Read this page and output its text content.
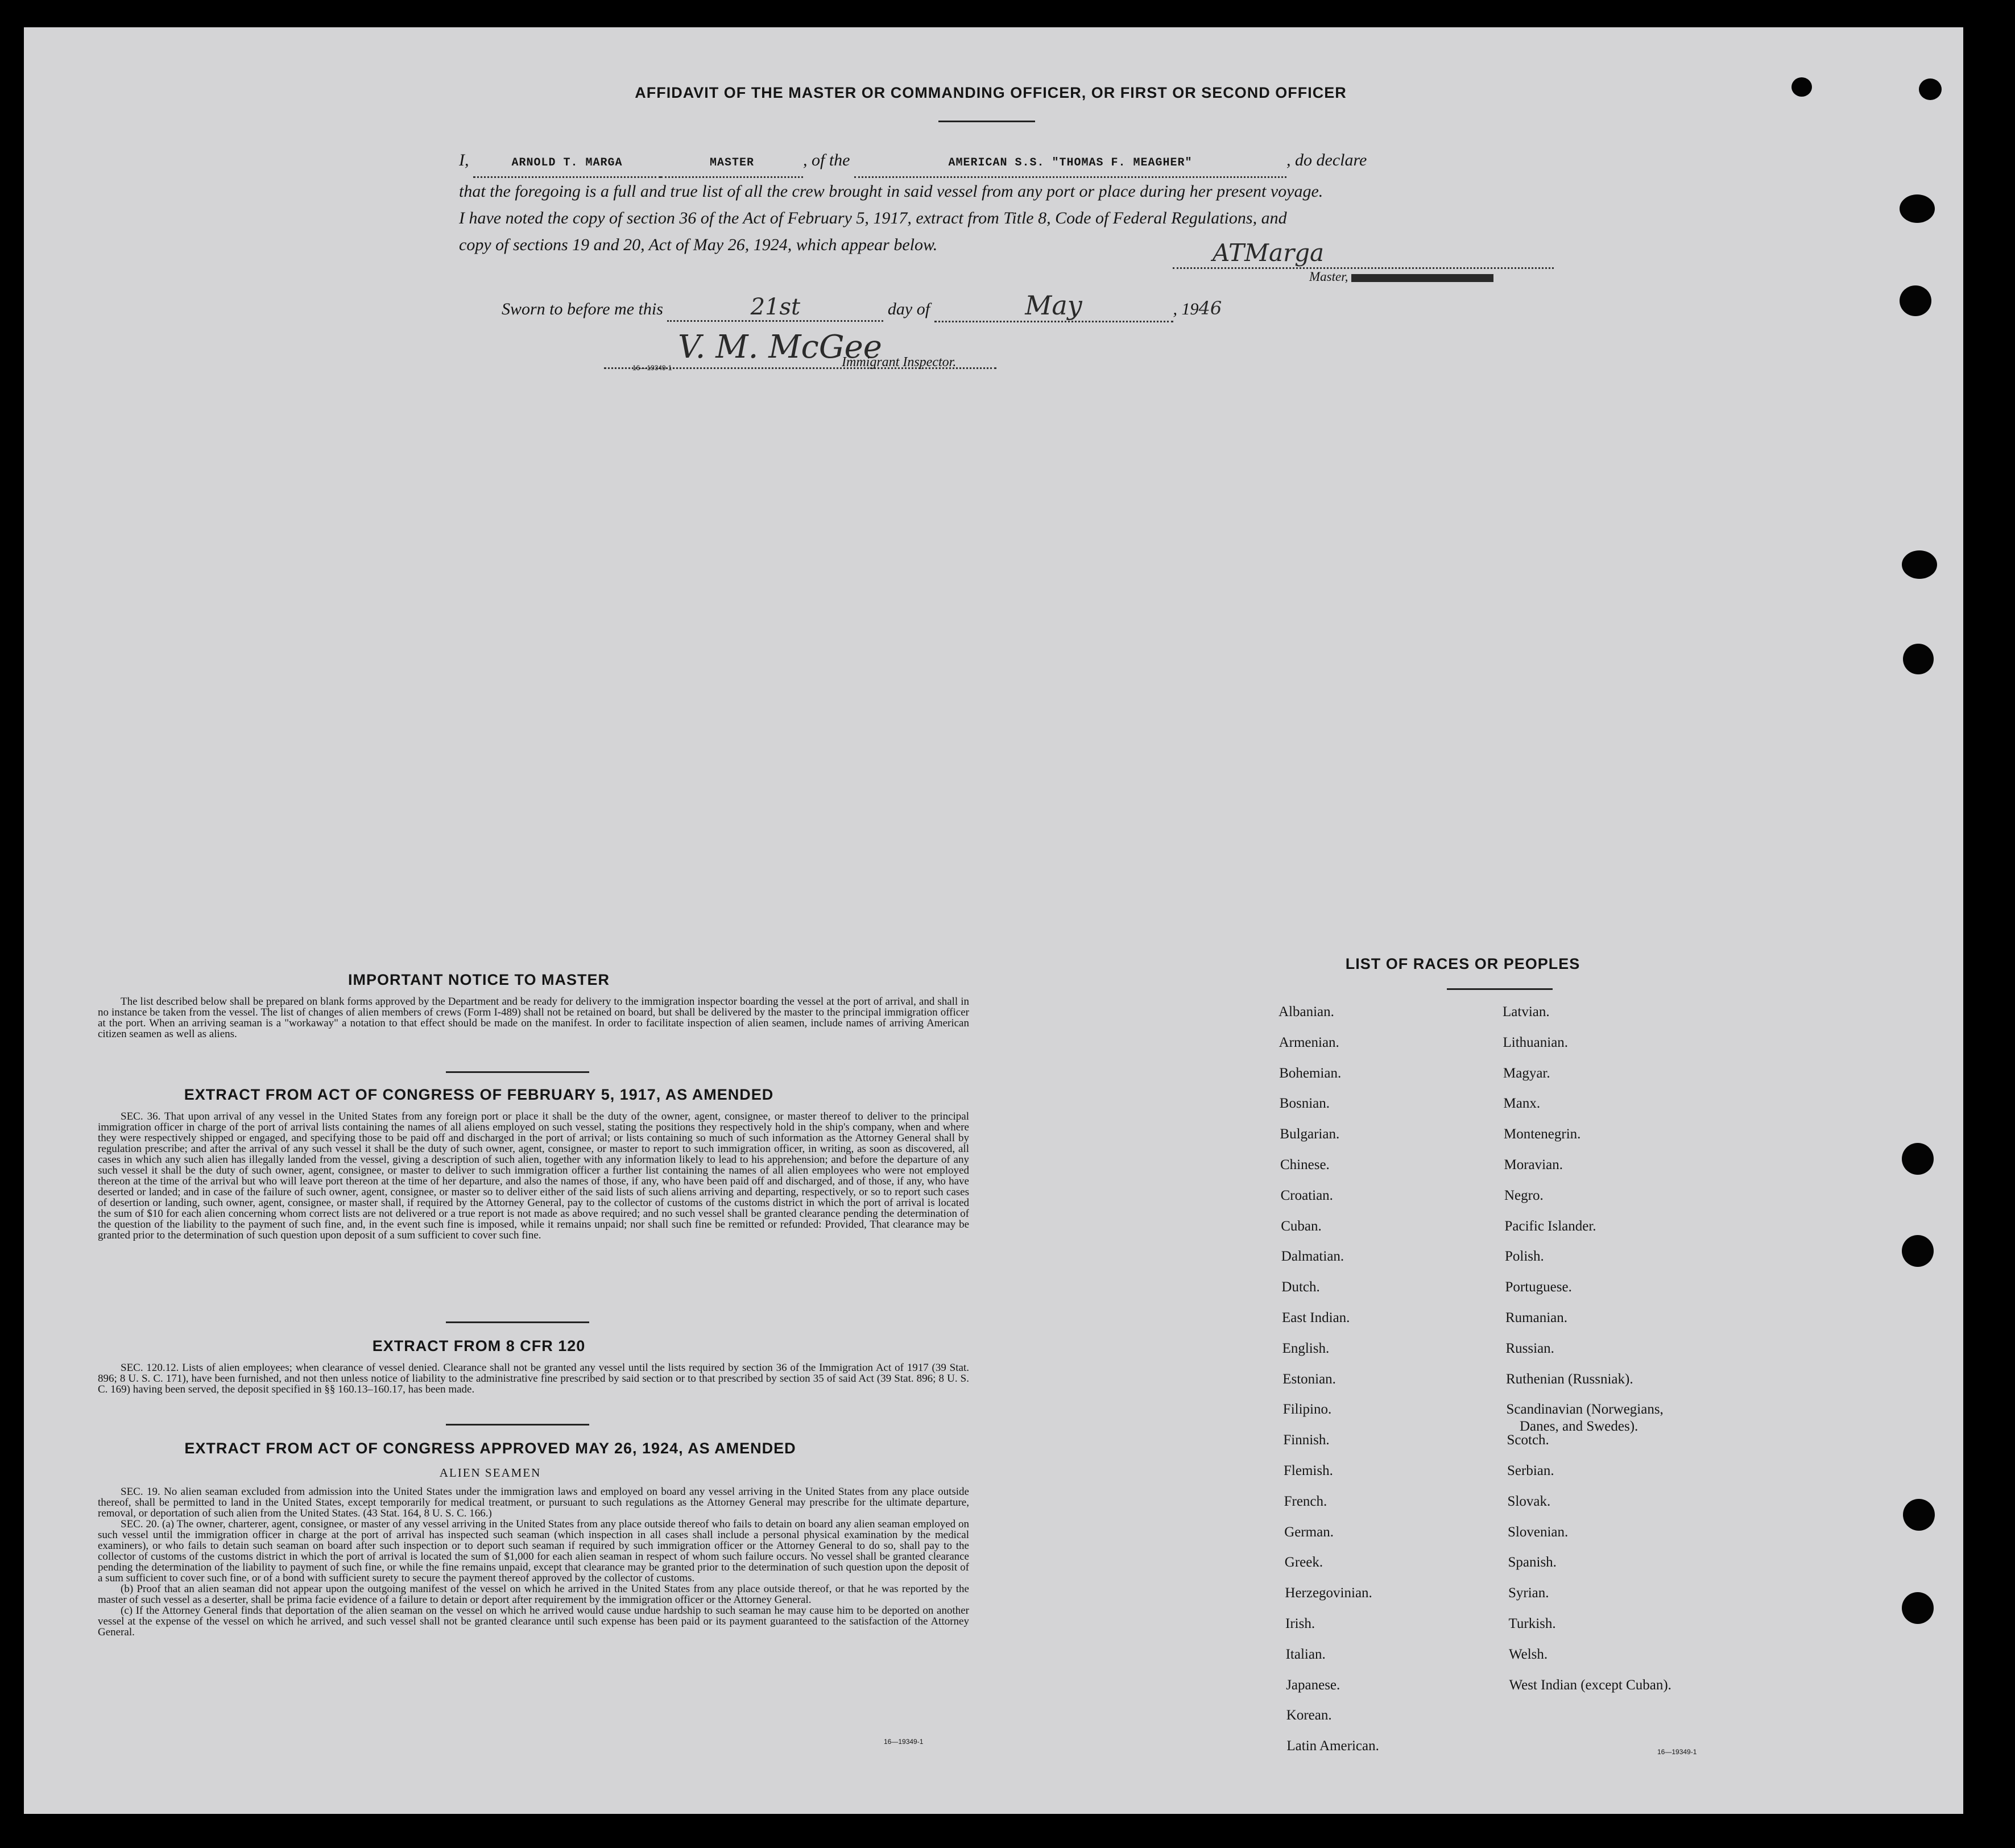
AFFIDAVIT OF THE MASTER OR COMMANDING OFFICER, OR FIRST OR SECOND OFFICER
I,	ARNOLD T. MARGA	MASTER	, of the	AMERICAN S.S. "THOMAS F. MEAGHER"	, do declare
that the foregoing is a full and true list of all the crew brought in said vessel from any port or place during her present voyage.
I have noted the copy of section 36 of the Act of February 5, 1917, extract from Title 8, Code of Federal Regulations, and
copy of sections 19 and 20, Act of May 26, 1924, which appear below.	ATMarga
Master,
Sworn to before me this	21st	day of	May	, 1946
V. M. McGee
16—19349-1	Immigrant Inspector.
IMPORTANT NOTICE TO MASTER
The list described below shall be prepared on blank forms approved by the Department and be ready for delivery to the immigration inspector boarding the vessel at the port of arrival, and shall in no instance be taken from the vessel. The list of changes of alien members of crews (Form I-489) shall not be retained on board, but shall be delivered by the master to the principal immigration officer at the port. When an arriving seaman is a "workaway" a notation to that effect should be made on the manifest. In order to facilitate inspection of alien seamen, include names of arriving American citizen seamen as well as aliens.
EXTRACT FROM ACT OF CONGRESS OF FEBRUARY 5, 1917, AS AMENDED
SEC. 36. That upon arrival of any vessel in the United States from any foreign port or place it shall be the duty of the owner, agent, consignee, or master thereof to deliver to the principal immigration officer in charge of the port of arrival lists containing the names of all aliens employed on such vessel, stating the positions they respectively hold in the ship's company, when and where they were respectively shipped or engaged, and specifying those to be paid off and discharged in the port of arrival; or lists containing so much of such information as the Attorney General shall by regulation prescribe; and after the arrival of any such vessel it shall be the duty of such owner, agent, consignee, or master to report to such immigration officer, in writing, as soon as discovered, all cases in which any such alien has illegally landed from the vessel, giving a description of such alien, together with any information likely to lead to his apprehension; and before the departure of any such vessel it shall be the duty of such owner, agent, consignee, or master to deliver to such immigration officer a further list containing the names of all alien employees who were not employed thereon at the time of the arrival but who will leave port thereon at the time of her departure, and also the names of those, if any, who have been paid off and discharged, and of those, if any, who have deserted or landed; and in case of the failure of such owner, agent, consignee, or master so to deliver either of the said lists of such aliens arriving and departing, respectively, or so to report such cases of desertion or landing, such owner, agent, consignee, or master shall, if required by the Attorney General, pay to the collector of customs of the customs district in which the port of arrival is located the sum of $10 for each alien concerning whom correct lists are not delivered or a true report is not made as above required; and no such vessel shall be granted clearance pending the determination of the question of the liability to the payment of such fine, and, in the event such fine is imposed, while it remains unpaid; nor shall such fine be remitted or refunded: Provided, That clearance may be granted prior to the determination of such question upon deposit of a sum sufficient to cover such fine.
EXTRACT FROM 8 CFR 120
SEC. 120.12. Lists of alien employees; when clearance of vessel denied. Clearance shall not be granted any vessel until the lists required by section 36 of the Immigration Act of 1917 (39 Stat. 896; 8 U. S. C. 171), have been furnished, and not then unless notice of liability to the administrative fine prescribed by said section or to that prescribed by section 35 of said Act (39 Stat. 896; 8 U. S. C. 169) having been served, the deposit specified in §§ 160.13–160.17, has been made.
EXTRACT FROM ACT OF CONGRESS APPROVED MAY 26, 1924, AS AMENDED
ALIEN SEAMEN
SEC. 19. No alien seaman excluded from admission into the United States under the immigration laws and employed on board any vessel arriving in the United States from any place outside thereof, shall be permitted to land in the United States, except temporarily for medical treatment, or pursuant to such regulations as the Attorney General may prescribe for the ultimate departure, removal, or deportation of such alien from the United States. (43 Stat. 164, 8 U. S. C. 166.)
SEC. 20. (a) The owner, charterer, agent, consignee, or master of any vessel arriving in the United States from any place outside thereof who fails to detain on board any alien seaman employed on such vessel until the immigration officer in charge at the port of arrival has inspected such seaman (which inspection in all cases shall include a personal physical examination by the medical examiners), or who fails to detain such seaman on board after such inspection or to deport such seaman if required by such immigration officer or the Attorney General to do so, shall pay to the collector of customs of the customs district in which the port of arrival is located the sum of $1,000 for each alien seaman in respect of whom such failure occurs. No vessel shall be granted clearance pending the determination of the liability to payment of such fine, or while the fine remains unpaid, except that clearance may be granted prior to the determination of such question upon the deposit of a sum sufficient to cover such fine, or of a bond with sufficient surety to secure the payment thereof approved by the collector of customs.
(b) Proof that an alien seaman did not appear upon the outgoing manifest of the vessel on which he arrived in the United States from any place outside thereof, or that he was reported by the master of such vessel as a deserter, shall be prima facie evidence of a failure to detain or deport after requirement by the immigration officer or the Attorney General.
(c) If the Attorney General finds that deportation of the alien seaman on the vessel on which he arrived would cause undue hardship to such seaman he may cause him to be deported on another vessel at the expense of the vessel on which he arrived, and such vessel shall not be granted clearance until such expense has been paid or its payment guaranteed to the satisfaction of the Attorney General.
16—19349-1
LIST OF RACES OR PEOPLES
16—19349-1
Albanian.
Armenian.
Bohemian.
Bosnian.
Bulgarian.
Chinese.
Croatian.
Cuban.
Dalmatian.
Dutch.
East Indian.
English.
Estonian.
Filipino.
Finnish.
Flemish.
French.
German.
Greek.
Herzegovinian.
Irish.
Italian.
Japanese.
Korean.
Latin American.
Latvian.
Lithuanian.
Magyar.
Manx.
Montenegrin.
Moravian.
Negro.
Pacific Islander.
Polish.
Portuguese.
Rumanian.
Russian.
Ruthenian (Russniak).
Scandinavian (Norwegians,
Danes, and Swedes).
Scotch.
Serbian.
Slovak.
Slovenian.
Spanish.
Syrian.
Turkish.
Welsh.
West Indian (except Cuban).
